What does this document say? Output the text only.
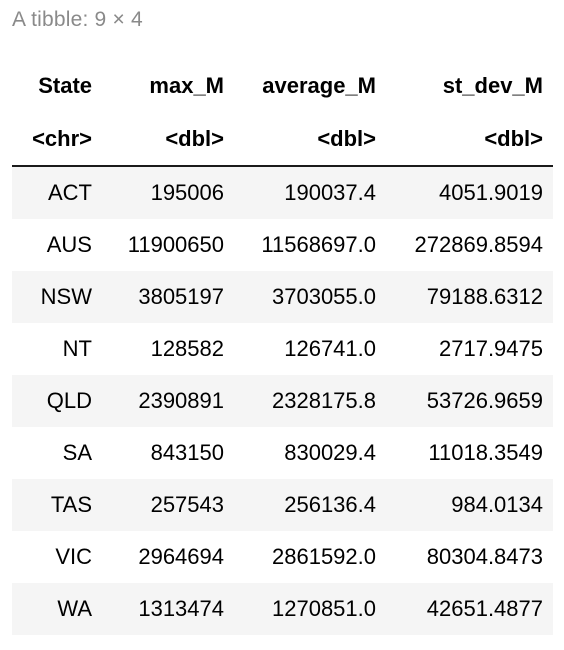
A tibble: 9 × 4
State	max_M	average_M	st_dev_M
<chr>	<dbl>	<dbl>	<dbl>
ACT	195006	190037.4	4051.9019
AUS	11900650	11568697.0	272869.8594
NSW	3805197	3703055.0	79188.6312
NT	128582	126741.0	2717.9475
QLD	2390891	2328175.8	53726.9659
SA	843150	830029.4	11018.3549
TAS	257543	256136.4	984.0134
VIC	2964694	2861592.0	80304.8473
WA	1313474	1270851.0	42651.4877
